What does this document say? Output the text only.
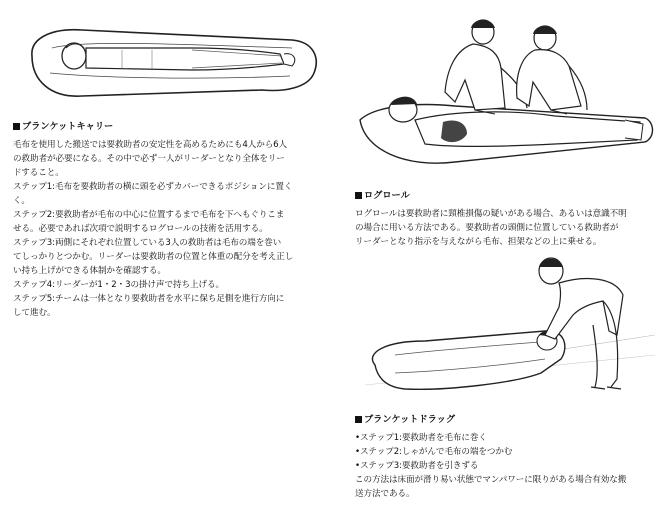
ブランケットキャリー
毛布を使用した搬送では要救助者の安定性を高めるためにも4人から6人
の救助者が必要になる。その中で必ず一人がリーダーとなり全体をリー
ドすること。
ステップ1:毛布を要救助者の横に頭を必ずカバーできるポジションに置く
く。
ステップ2:要救助者が毛布の中心に位置するまで毛布を下へもぐりこま
せる。必要であれば次項で説明するログロールの技術を活用する。
ステップ3:両側にそれぞれ位置している3人の救助者は毛布の端を巻い
てしっかりとつかむ。リーダーは要救助者の位置と体重の配分を考え正し
い持ち上げができる体制かを確認する。
ステップ4:リーダーが1・2・3の掛け声で持ち上げる。
ステップ5:チームは一体となり要救助者を水平に保ち足側を進行方向に
して進む。
ログロール
ログロールは要救助者に頸椎損傷の疑いがある場合、あるいは意識不明
の場合に用いる方法である。要救助者の頭側に位置している救助者が
リーダーとなり指示を与えながら毛布、担架などの上に乗せる。
ブランケットドラッグ
•ステップ1:要救助者を毛布に巻く
•ステップ2:しゃがんで毛布の端をつかむ
•ステップ3:要救助者を引きずる
この方法は床面が滑り易い状態でマンパワーに限りがある場合有効な搬
送方法である。
